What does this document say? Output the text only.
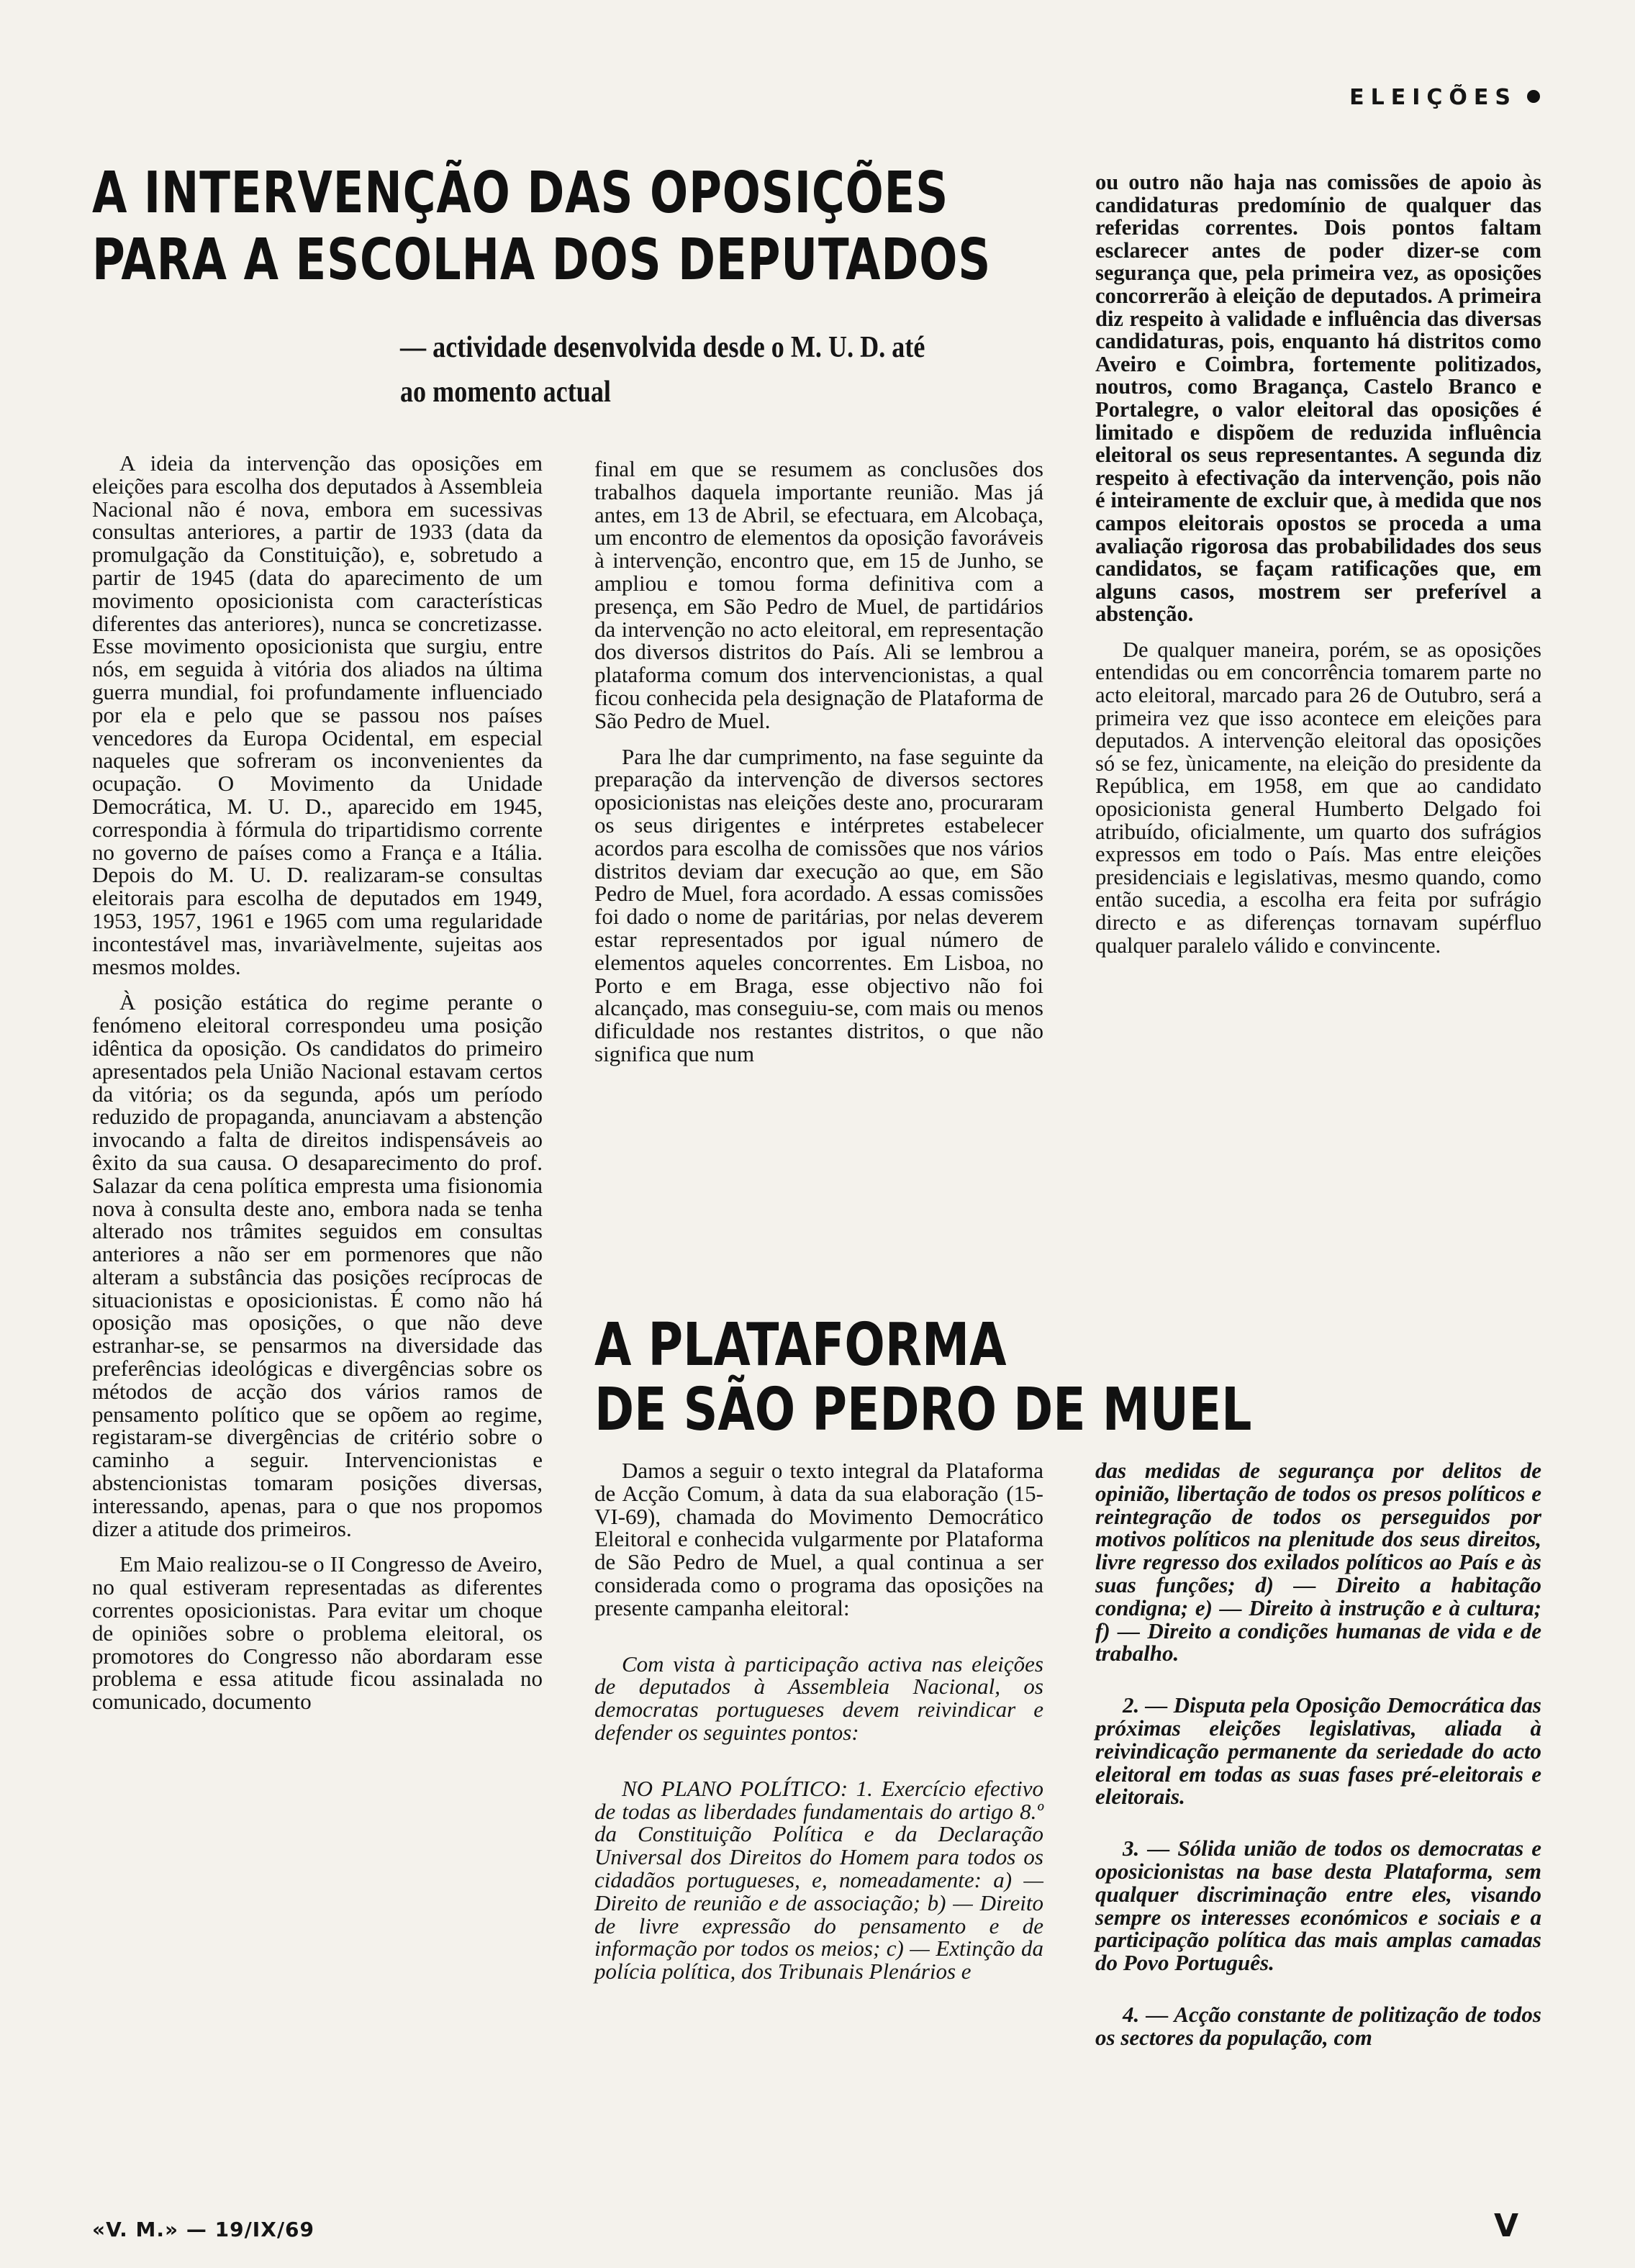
ELEIÇÕES
A INTERVENÇÃO DAS OPOSIÇÕES
PARA A ESCOLHA DOS DEPUTADOS
— actividade desenvolvida desde o M. U. D. até ao momento actual

A ideia da intervenção das oposições em eleições para escolha dos deputados à Assembleia Nacional não é nova, embora em sucessivas consultas anteriores, a partir de 1933 (data da promulgação da Constituição), e, sobretudo a partir de 1945 (data do aparecimento de um movimento oposicionista com características diferentes das anteriores), nunca se concretizasse. Esse movimento oposicionista que surgiu, entre nós, em seguida à vitória dos aliados na última guerra mundial, foi profundamente influenciado por ela e pelo que se passou nos países vencedores da Europa Ocidental, em especial naqueles que sofreram os inconvenientes da ocupação. O Movimento da Unidade Democrática, M. U. D., aparecido em 1945, correspondia à fórmula do tripartidismo corrente no governo de países como a França e a Itália. Depois do M. U. D. realizaram-se consultas eleitorais para escolha de deputados em 1949, 1953, 1957, 1961 e 1965 com uma regularidade incontestável mas, invariàvelmente, sujeitas aos mesmos moldes.

À posição estática do regime perante o fenómeno eleitoral correspondeu uma posição idêntica da oposição. Os candidatos do primeiro apresentados pela União Nacional estavam certos da vitória; os da segunda, após um período reduzido de propaganda, anunciavam a abstenção invocando a falta de direitos indispensáveis ao êxito da sua causa. O desaparecimento do prof. Salazar da cena política empresta uma fisionomia nova à consulta deste ano, embora nada se tenha alterado nos trâmites seguidos em consultas anteriores a não ser em pormenores que não alteram a substância das posições recíprocas de situacionistas e oposicionistas. É como não há oposição mas oposições, o que não deve estranhar-se, se pensarmos na diversidade das preferências ideológicas e divergências sobre os métodos de acção dos vários ramos de pensamento político que se opõem ao regime, registaram-se divergências de critério sobre o caminho a seguir. Intervencionistas e abstencionistas tomaram posições diversas, interessando, apenas, para o que nos propomos dizer a atitude dos primeiros.

Em Maio realizou-se o II Congresso de Aveiro, no qual estiveram representadas as diferentes correntes oposicionistas. Para evitar um choque de opiniões sobre o problema eleitoral, os promotores do Congresso não abordaram esse problema e essa atitude ficou assinalada no comunicado, documento

final em que se resumem as conclusões dos trabalhos daquela importante reunião. Mas já antes, em 13 de Abril, se efectuara, em Alcobaça, um encontro de elementos da oposição favoráveis à intervenção, encontro que, em 15 de Junho, se ampliou e tomou forma definitiva com a presença, em São Pedro de Muel, de partidários da intervenção no acto eleitoral, em representação dos diversos distritos do País. Ali se lembrou a plataforma comum dos intervencionistas, a qual ficou conhecida pela designação de Plataforma de São Pedro de Muel.

Para lhe dar cumprimento, na fase seguinte da preparação da intervenção de diversos sectores oposicionistas nas eleições deste ano, procuraram os seus dirigentes e intérpretes estabelecer acordos para escolha de comissões que nos vários distritos deviam dar execução ao que, em São Pedro de Muel, fora acordado. A essas comissões foi dado o nome de paritárias, por nelas deverem estar representados por igual número de elementos aqueles concorrentes. Em Lisboa, no Porto e em Braga, esse objectivo não foi alcançado, mas conseguiu-se, com mais ou menos dificuldade nos restantes distritos, o que não significa que num

ou outro não haja nas comissões de apoio às candidaturas predomínio de qualquer das referidas correntes. Dois pontos faltam esclarecer antes de poder dizer-se com segurança que, pela primeira vez, as oposições concorrerão à eleição de deputados. A primeira diz respeito à validade e influência das diversas candidaturas, pois, enquanto há distritos como Aveiro e Coimbra, fortemente politizados, noutros, como Bragança, Castelo Branco e Portalegre, o valor eleitoral das oposições é limitado e dispõem de reduzida influência eleitoral os seus representantes. A segunda diz respeito à efectivação da intervenção, pois não é inteiramente de excluir que, à medida que nos campos eleitorais opostos se proceda a uma avaliação rigorosa das probabilidades dos seus candidatos, se façam ratificações que, em alguns casos, mostrem ser preferível a abstenção.

De qualquer maneira, porém, se as oposições entendidas ou em concorrência tomarem parte no acto eleitoral, marcado para 26 de Outubro, será a primeira vez que isso acontece em eleições para deputados. A intervenção eleitoral das oposições só se fez, ùnicamente, na eleição do presidente da República, em 1958, em que ao candidato oposicionista general Humberto Delgado foi atribuído, oficialmente, um quarto dos sufrágios expressos em todo o País. Mas entre eleições presidenciais e legislativas, mesmo quando, como então sucedia, a escolha era feita por sufrágio directo e as diferenças tornavam supérfluo qualquer paralelo válido e convincente.

A PLATAFORMA
DE SÃO PEDRO DE MUEL

Damos a seguir o texto integral da Plataforma de Acção Comum, à data da sua elaboração (15-VI-69), chamada do Movimento Democrático Eleitoral e conhecida vulgarmente por Plataforma de São Pedro de Muel, a qual continua a ser considerada como o programa das oposições na presente campanha eleitoral:

Com vista à participação activa nas eleições de deputados à Assembleia Nacional, os democratas portugueses devem reivindicar e defender os seguintes pontos:

NO PLANO POLÍTICO: 1. Exercício efectivo de todas as liberdades fundamentais do artigo 8.º da Constituição Política e da Declaração Universal dos Direitos do Homem para todos os cidadãos portugueses, e, nomeadamente: a) — Direito de reunião e de associação; b) — Direito de livre expressão do pensamento e de informação por todos os meios; c) — Extinção da polícia política, dos Tribunais Plenários e

das medidas de segurança por delitos de opinião, libertação de todos os presos políticos e reintegração de todos os perseguidos por motivos políticos na plenitude dos seus direitos, livre regresso dos exilados políticos ao País e às suas funções; d) — Direito a habitação condigna; e) — Direito à instrução e à cultura; f) — Direito a condições humanas de vida e de trabalho.

2. — Disputa pela Oposição Democrática das próximas eleições legislativas, aliada à reivindicação permanente da seriedade do acto eleitoral em todas as suas fases pré-eleitorais e eleitorais.

3. — Sólida união de todos os democratas e oposicionistas na base desta Plataforma, sem qualquer discriminação entre eles, visando sempre os interesses económicos e sociais e a participação política das mais amplas camadas do Povo Português.

4. — Acção constante de politização de todos os sectores da população, com

«V. M.» — 19/IX/69	V
